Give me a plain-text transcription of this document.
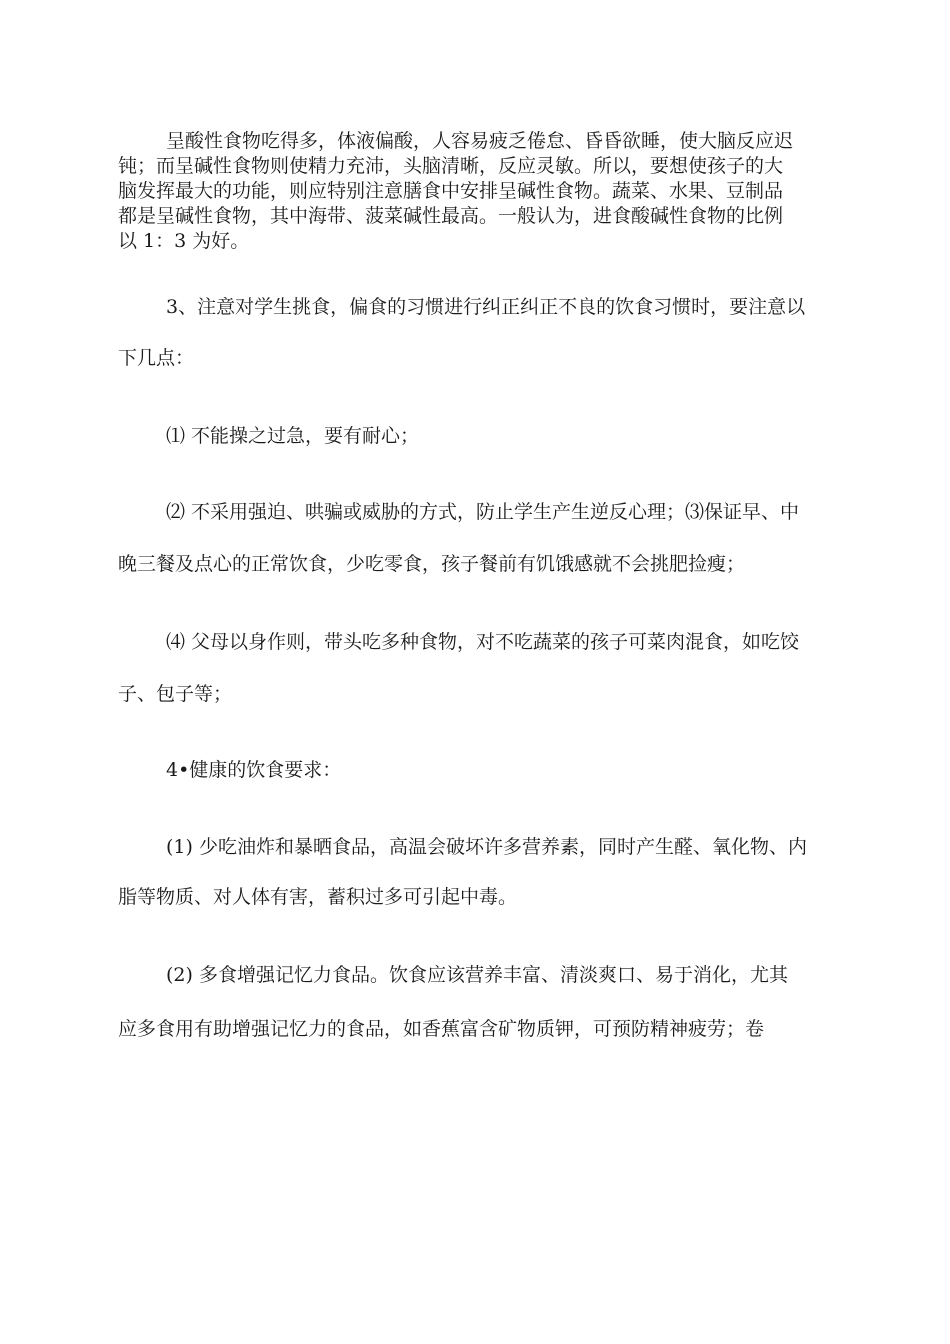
呈酸性食物吃得多，体液偏酸，人容易疲乏倦怠、昏昏欲睡，使大脑反应迟
钝；而呈碱性食物则使精力充沛，头脑清晰，反应灵敏。所以，要想使孩子的大
脑发挥最大的功能，则应特别注意膳食中安排呈碱性食物。蔬菜、水果、豆制品
都是呈碱性食物，其中海带、菠菜碱性最高。一般认为，进食酸碱性食物的比例
以 1：3 为好。
3、注意对学生挑食，偏食的习惯进行纠正纠正不良的饮食习惯时，要注意以
下几点：
⑴ 不能操之过急，要有耐心；
⑵ 不采用强迫、哄骗或威胁的方式，防止学生产生逆反心理；⑶保证早、中
晚三餐及点心的正常饮食，少吃零食，孩子餐前有饥饿感就不会挑肥捡瘦；
⑷ 父母以身作则，带头吃多种食物，对不吃蔬菜的孩子可菜肉混食，如吃饺
子、包子等；
4•健康的饮食要求：
(1) 少吃油炸和暴晒食品，高温会破坏许多营养素，同时产生醛、氧化物、内
脂等物质、对人体有害，蓄积过多可引起中毒。
(2) 多食增强记忆力食品。饮食应该营养丰富、清淡爽口、易于消化，尤其
应多食用有助增强记忆力的食品，如香蕉富含矿物质钾，可预防精神疲劳；卷
